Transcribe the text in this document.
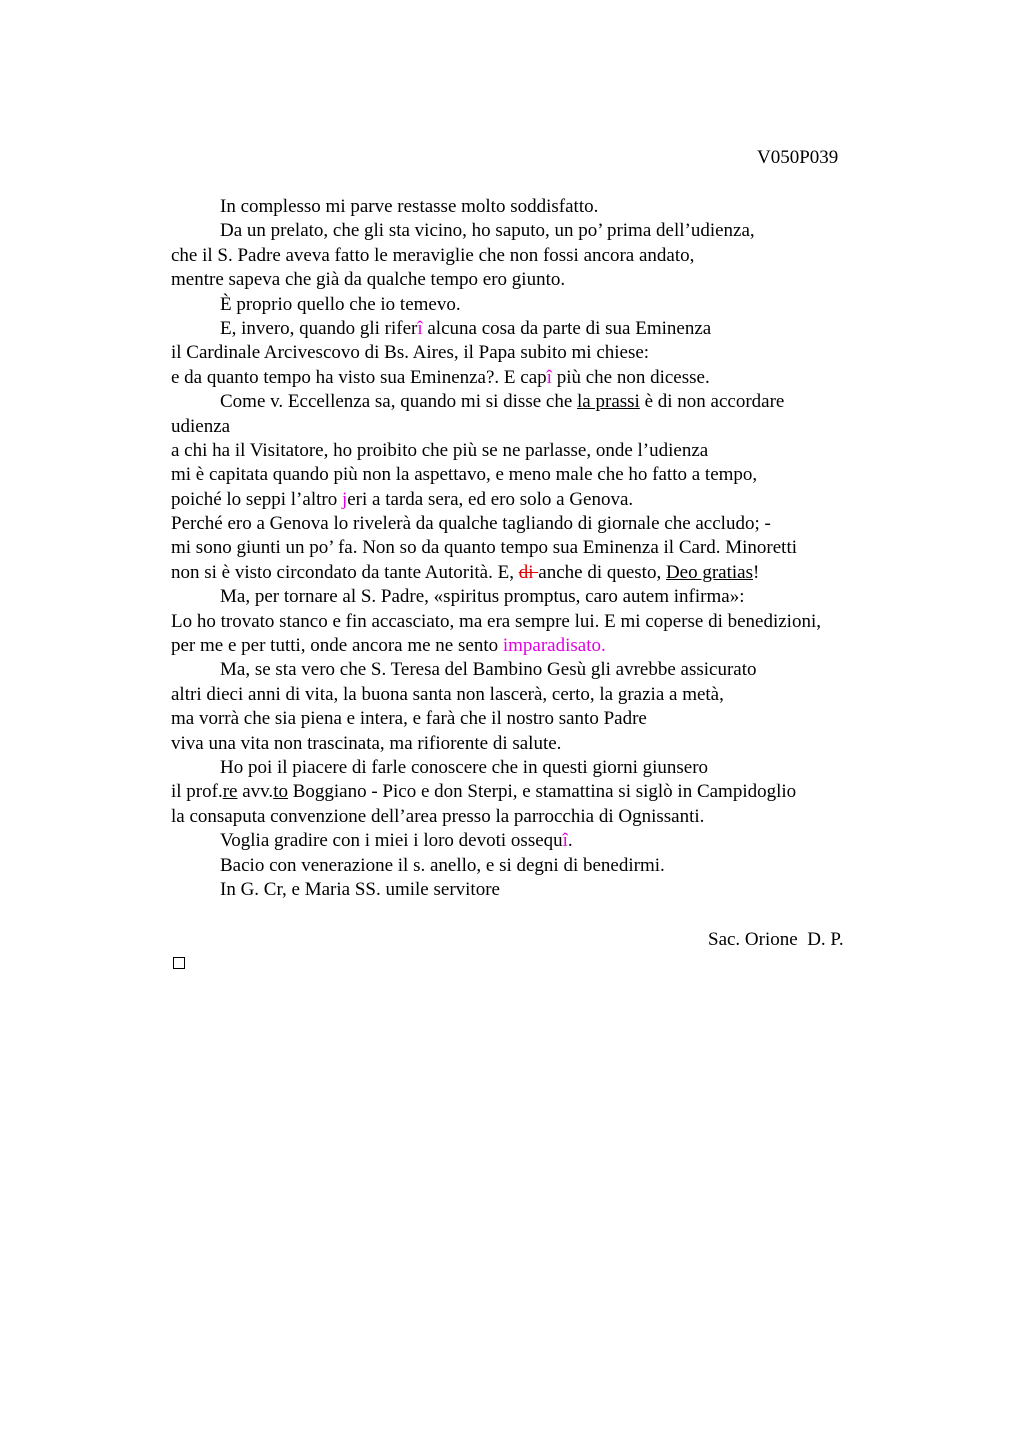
V050P039
In complesso mi parve restasse molto soddisfatto.
Da un prelato, che gli sta vicino, ho saputo, un po’ prima dell’udienza,
che il S. Padre aveva fatto le meraviglie che non fossi ancora andato,
mentre sapeva che già da qualche tempo ero giunto.
È proprio quello che io temevo.
E, invero, quando gli riferî alcuna cosa da parte di sua Eminenza
il Cardinale Arcivescovo di Bs. Aires, il Papa subito mi chiese:
e da quanto tempo ha visto sua Eminenza?. E capî più che non dicesse.
Come v. Eccellenza sa, quando mi si disse che la prassi è di non accordare
udienza
a chi ha il Visitatore, ho proibito che più se ne parlasse, onde l’udienza
mi è capitata quando più non la aspettavo, e meno male che ho fatto a tempo,
poiché lo seppi l’altro jeri a tarda sera, ed ero solo a Genova.
Perché ero a Genova lo rivelerà da qualche tagliando di giornale che accludo; -
mi sono giunti un po’ fa. Non so da quanto tempo sua Eminenza il Card. Minoretti
non si è visto circondato da tante Autorità. E, di anche di questo, Deo gratias!
Ma, per tornare al S. Padre, «spiritus promptus, caro autem infirma»:
Lo ho trovato stanco e fin accasciato, ma era sempre lui. E mi coperse di benedizioni,
per me e per tutti, onde ancora me ne sento imparadisato.
Ma, se sta vero che S. Teresa del Bambino Gesù gli avrebbe assicurato
altri dieci anni di vita, la buona santa non lascerà, certo, la grazia a metà,
ma vorrà che sia piena e intera, e farà che il nostro santo Padre
viva una vita non trascinata, ma rifiorente di salute.
Ho poi il piacere di farle conoscere che in questi giorni giunsero
il prof.re avv.to Boggiano - Pico e don Sterpi, e stamattina si siglò in Campidoglio
la consaputa convenzione dell’area presso la parrocchia di Ognissanti.
Voglia gradire con i miei i loro devoti ossequî.
Bacio con venerazione il s. anello, e si degni di benedirmi.
In G. Cr, e Maria SS. umile servitore
Sac. Orione  D. P.
